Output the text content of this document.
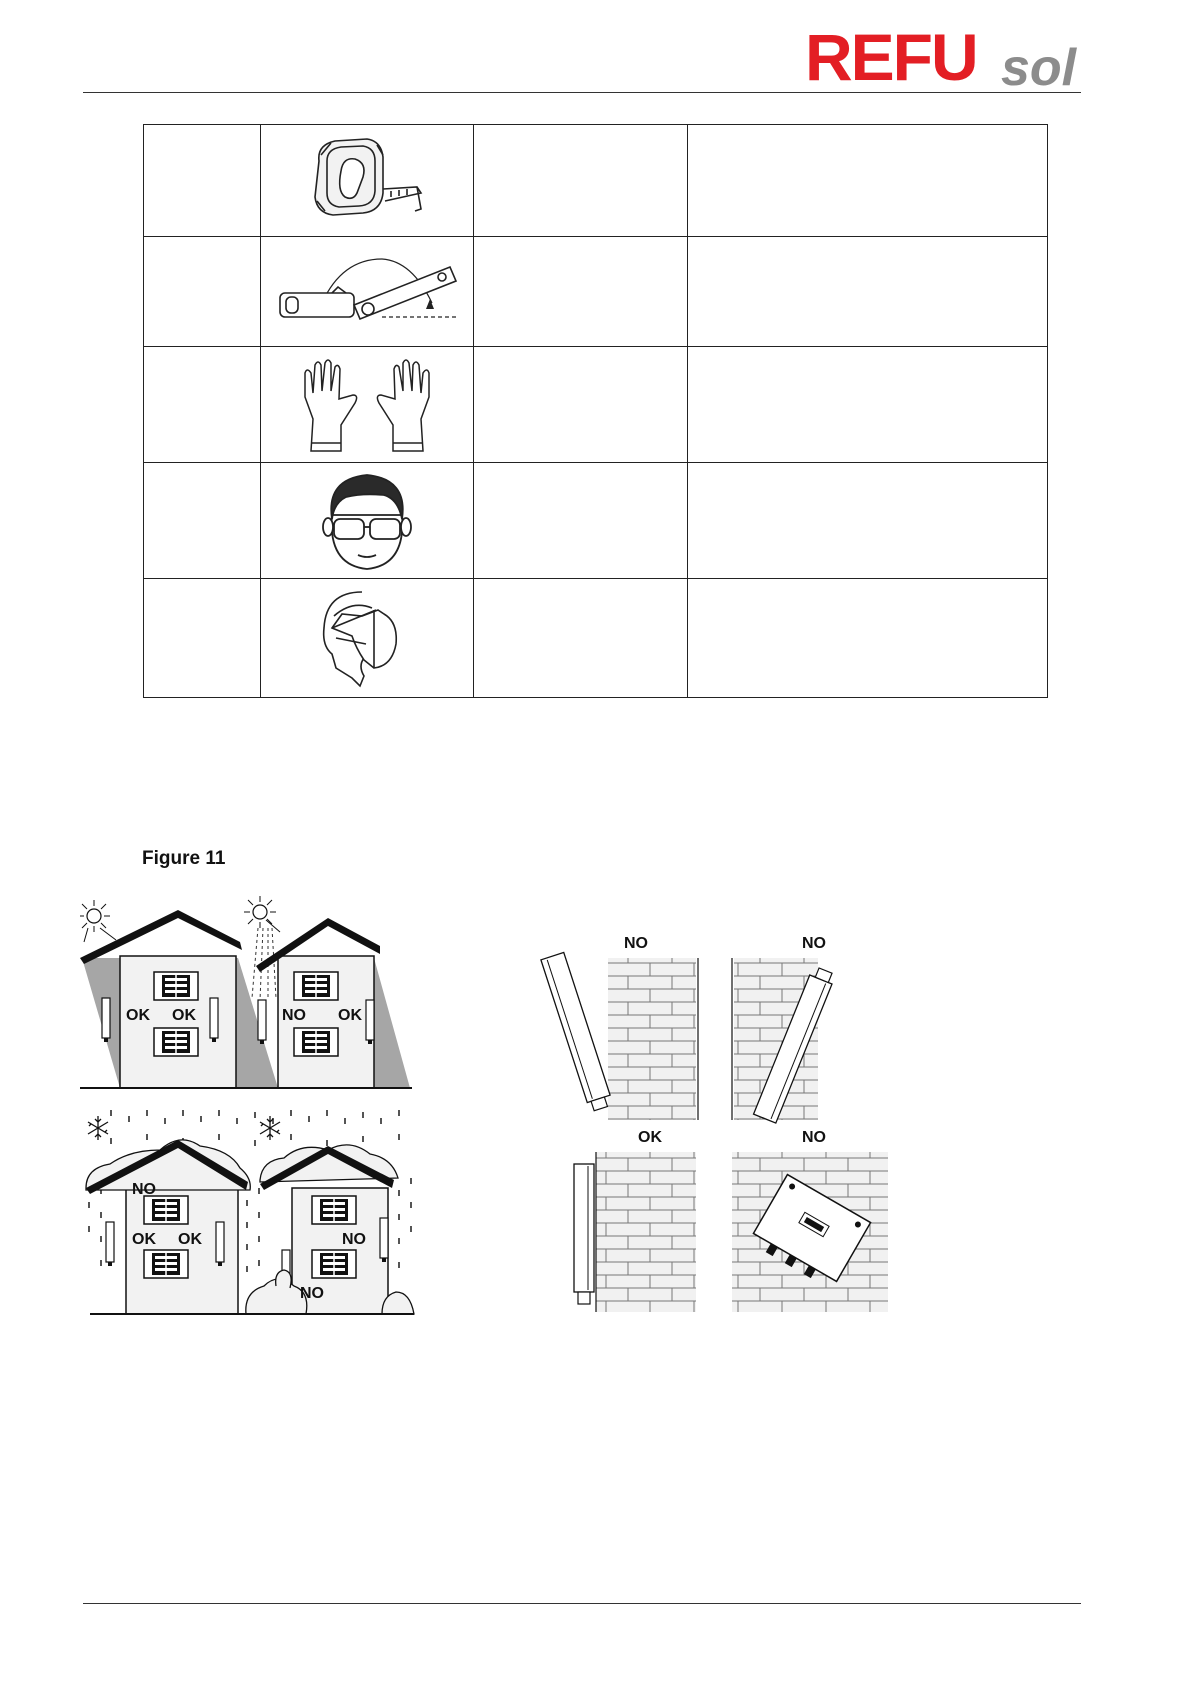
REFU sol

Figure 11
OK OK	NO OK
NO
OK OK	NO
NO
NO	NO
OK	NO
